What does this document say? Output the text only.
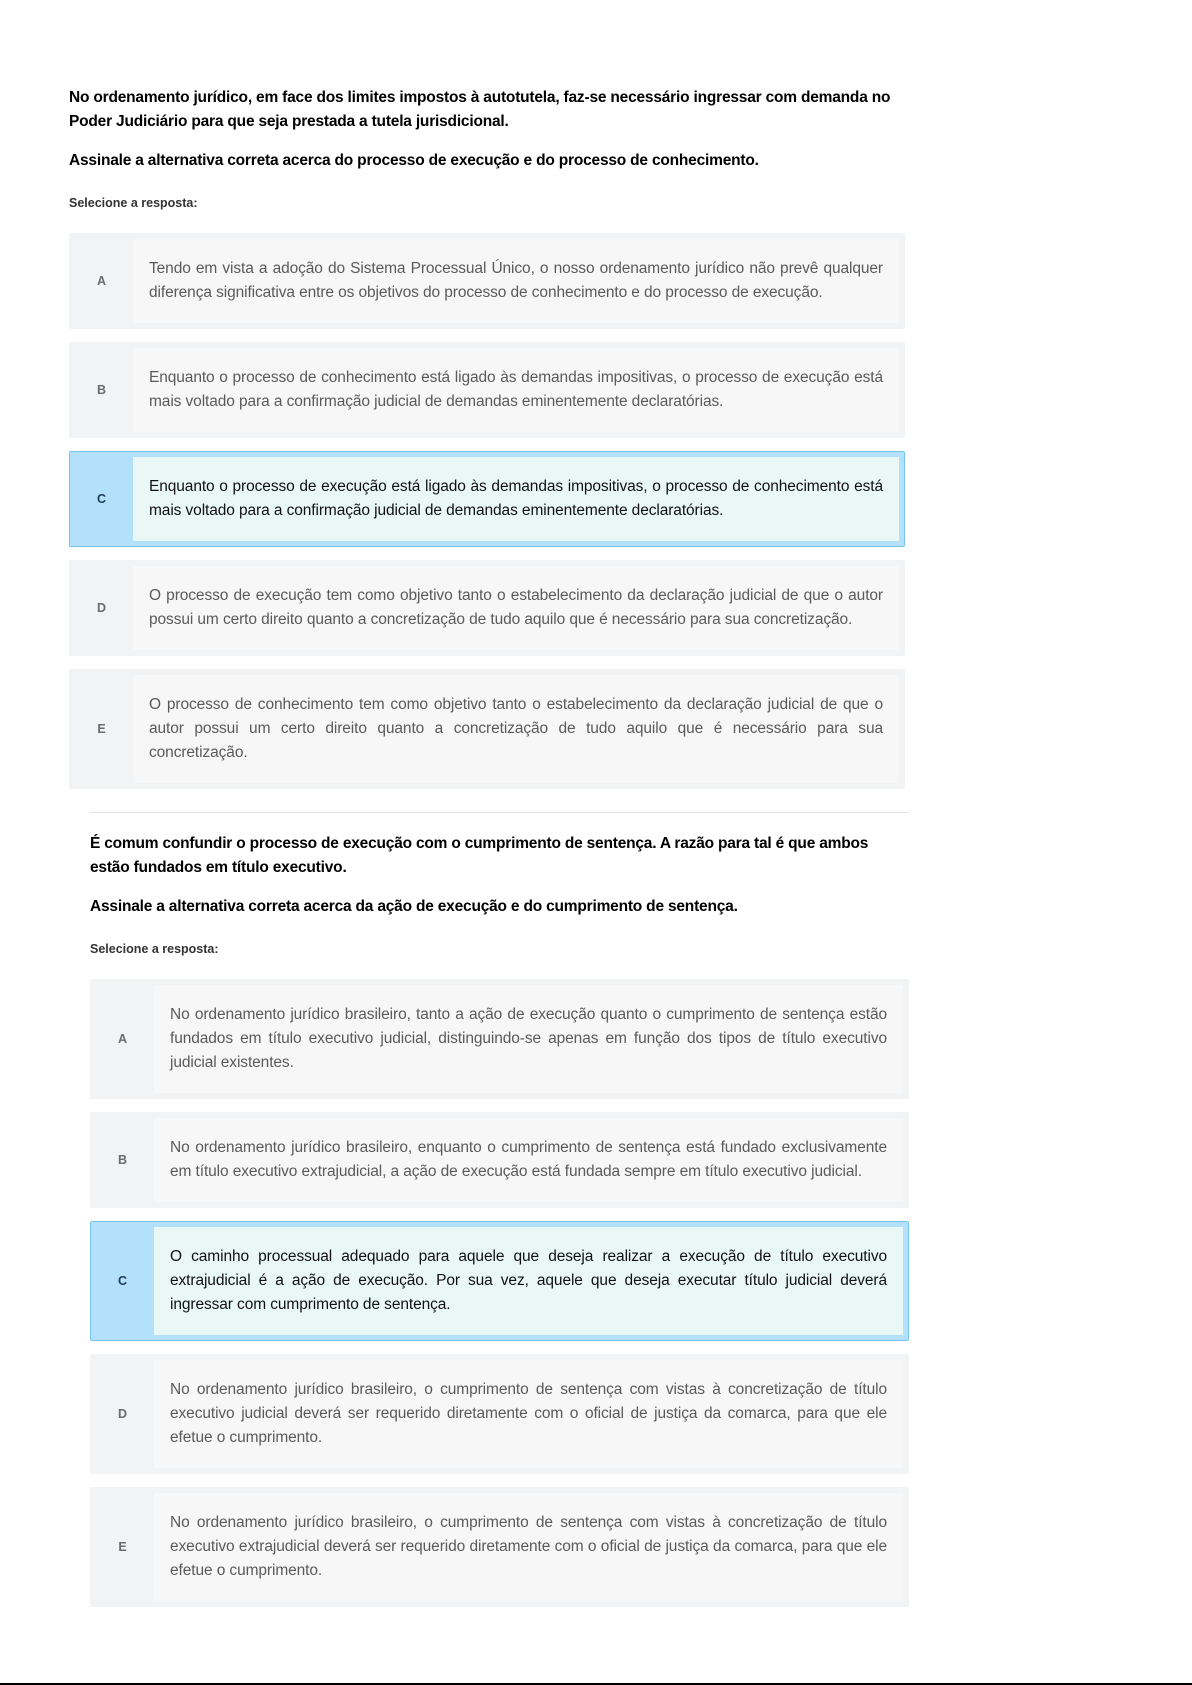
No ordenamento jurídico, em face dos limites impostos à autotutela, faz-se necessário ingressar com demanda no Poder Judiciário para que seja prestada a tutela jurisdicional.

Assinale a alternativa correta acerca do processo de execução e do processo de conhecimento.

Selecione a resposta:
A
Tendo em vista a adoção do Sistema Processual Único, o nosso ordenamento jurídico não prevê qualquer diferença significativa entre os objetivos do processo de conhecimento e do processo de execução.
B
Enquanto o processo de conhecimento está ligado às demandas impositivas, o processo de execução está mais voltado para a confirmação judicial de demandas eminentemente declaratórias.
C
Enquanto o processo de execução está ligado às demandas impositivas, o processo de conhecimento está mais voltado para a confirmação judicial de demandas eminentemente declaratórias.
D
O processo de execução tem como objetivo tanto o estabelecimento da declaração judicial de que o autor possui um certo direito quanto a concretização de tudo aquilo que é necessário para sua concretização.
E
O processo de conhecimento tem como objetivo tanto o estabelecimento da declaração judicial de que o autor possui um certo direito quanto a concretização de tudo aquilo que é necessário para sua concretização.

É comum confundir o processo de execução com o cumprimento de sentença. A razão para tal é que ambos estão fundados em título executivo.

Assinale a alternativa correta acerca da ação de execução e do cumprimento de sentença.

Selecione a resposta:
A
No ordenamento jurídico brasileiro, tanto a ação de execução quanto o cumprimento de sentença estão fundados em título executivo judicial, distinguindo-se apenas em função dos tipos de título executivo judicial existentes.
B
No ordenamento jurídico brasileiro, enquanto o cumprimento de sentença está fundado exclusivamente em título executivo extrajudicial, a ação de execução está fundada sempre em título executivo judicial.
C
O caminho processual adequado para aquele que deseja realizar a execução de título executivo extrajudicial é a ação de execução. Por sua vez, aquele que deseja executar título judicial deverá ingressar com cumprimento de sentença.
D
No ordenamento jurídico brasileiro, o cumprimento de sentença com vistas à concretização de título executivo judicial deverá ser requerido diretamente com o oficial de justiça da comarca, para que ele efetue o cumprimento.
E
No ordenamento jurídico brasileiro, o cumprimento de sentença com vistas à concretização de título executivo extrajudicial deverá ser requerido diretamente com o oficial de justiça da comarca, para que ele efetue o cumprimento.
